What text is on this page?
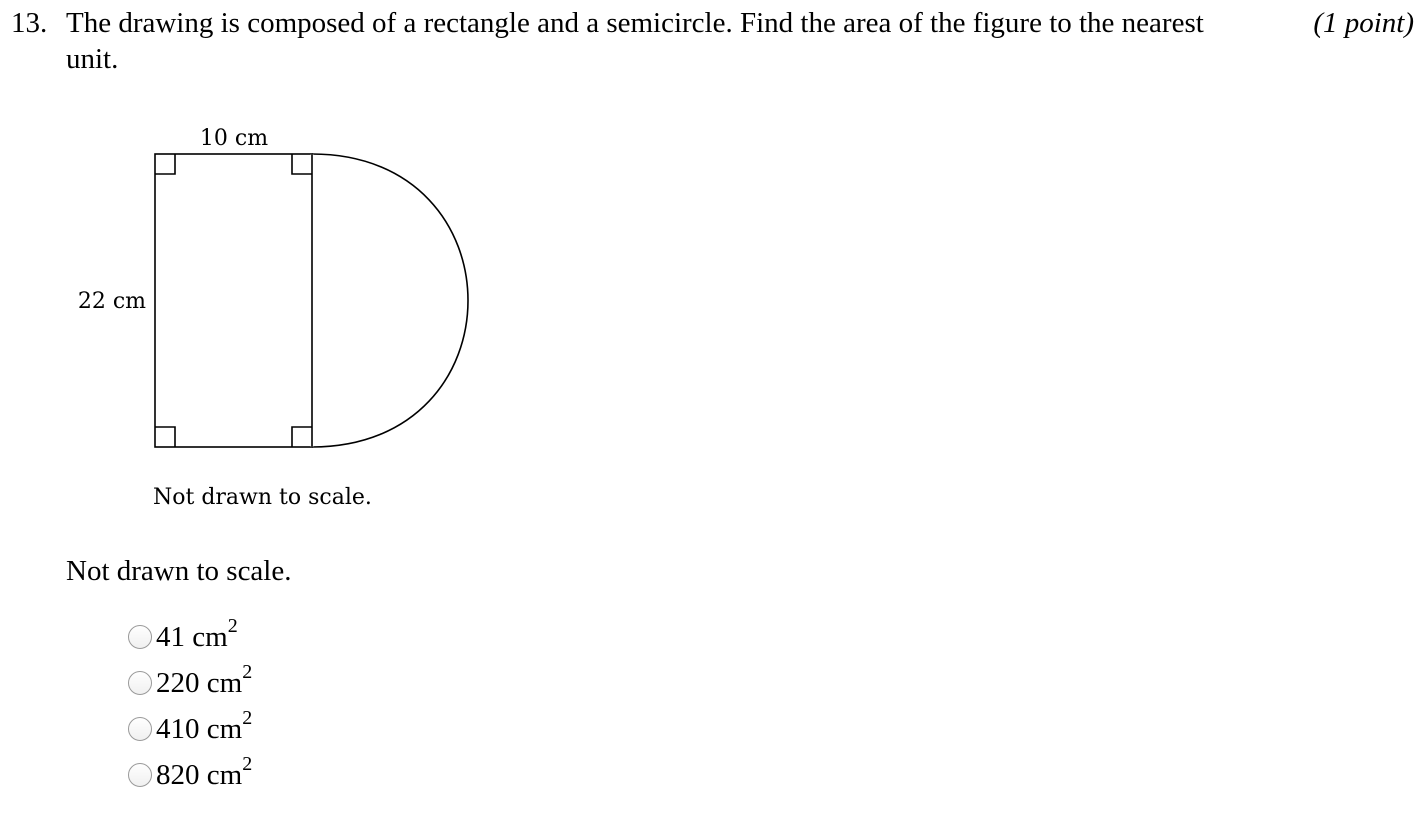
13. The drawing is composed of a rectangle and a semicircle. Find the area of the figure to the nearest unit.
(1 point)
10 cm
22 cm
Not drawn to scale.
Not drawn to scale.
41 $cm^2$
220 $cm^2$
410 $cm^2$
820 $cm^2$
